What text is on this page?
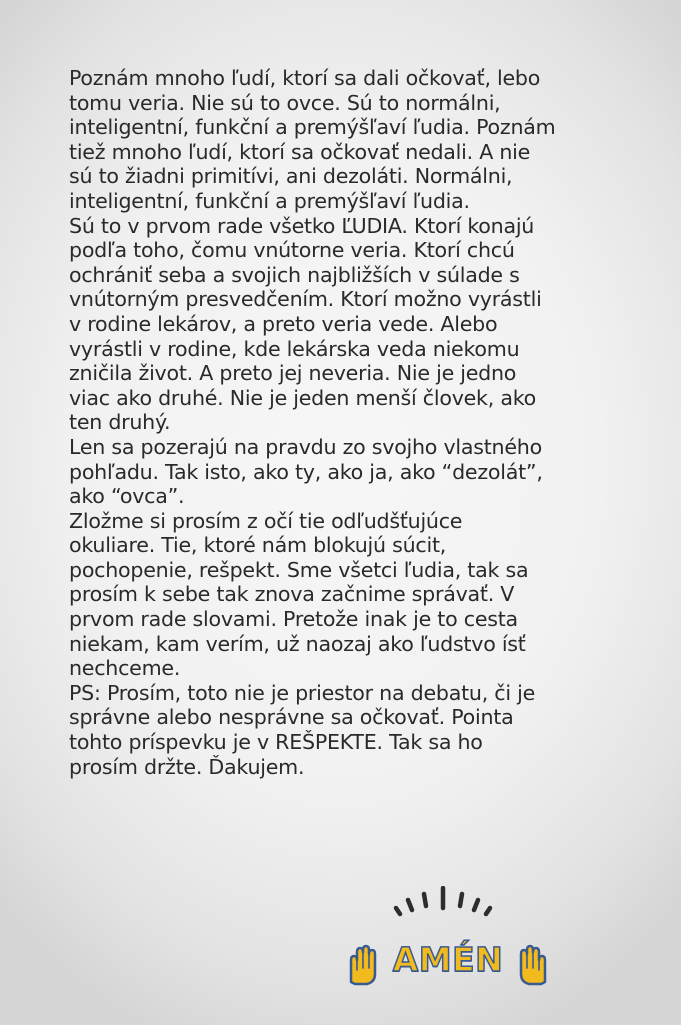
Poznám mnoho ľudí, ktorí sa dali očkovať, lebo
tomu veria. Nie sú to ovce. Sú to normálni,
inteligentní, funkční a premýšľaví ľudia. Poznám
tiež mnoho ľudí, ktorí sa očkovať nedali. A nie
sú to žiadni primitívi, ani dezoláti. Normálni,
inteligentní, funkční a premýšľaví ľudia.
Sú to v prvom rade všetko ĽUDIA. Ktorí konajú
podľa toho, čomu vnútorne veria. Ktorí chcú
ochrániť seba a svojich najbližších v súlade s
vnútorným presvedčením. Ktorí možno vyrástli
v rodine lekárov, a preto veria vede. Alebo
vyrástli v rodine, kde lekárska veda niekomu
zničila život. A preto jej neveria. Nie je jedno
viac ako druhé. Nie je jeden menší človek, ako
ten druhý.
Len sa pozerajú na pravdu zo svojho vlastného
pohľadu. Tak isto, ako ty, ako ja, ako “dezolát”,
ako “ovca”.
Zložme si prosím z očí tie odľudšťujúce
okuliare. Tie, ktoré nám blokujú súcit,
pochopenie, rešpekt. Sme všetci ľudia, tak sa
prosím k sebe tak znova začnime správať. V
prvom rade slovami. Pretože inak je to cesta
niekam, kam verím, už naozaj ako ľudstvo ísť
nechceme.
PS: Prosím, toto nie je priestor na debatu, či je
správne alebo nesprávne sa očkovať. Pointa
tohto príspevku je v REŠPEKTE. Tak sa ho
prosím držte. Ďakujem.
AMÉN
